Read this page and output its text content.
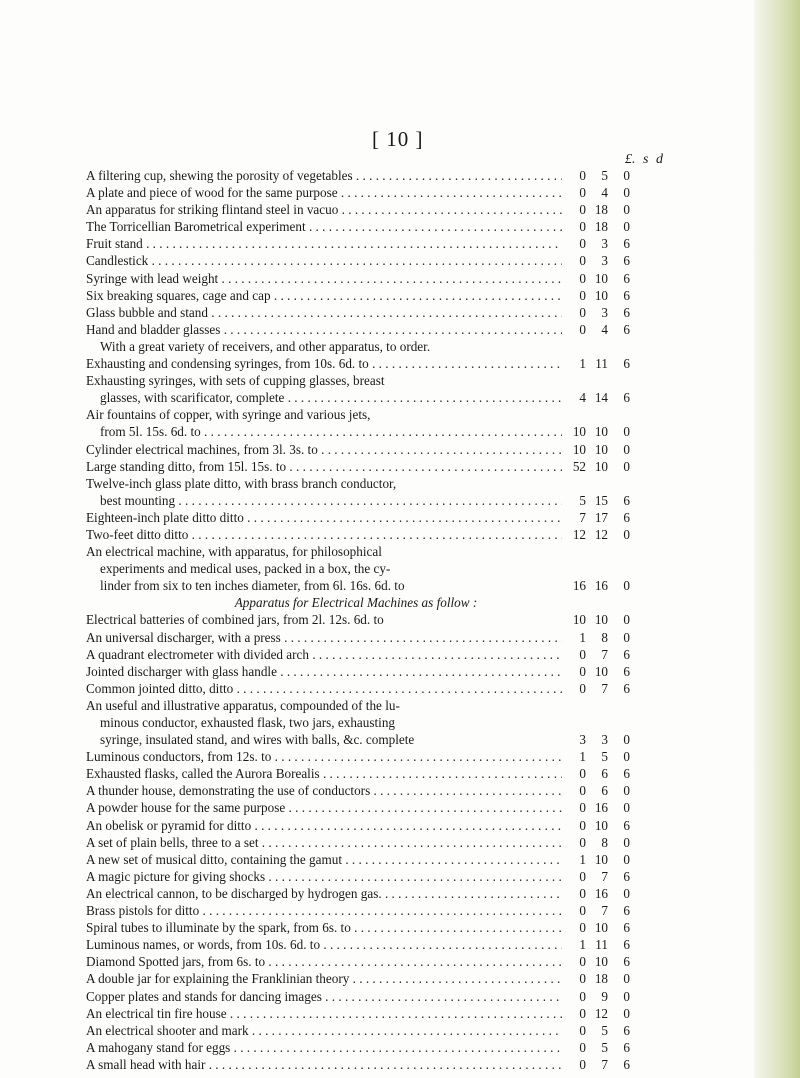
[ 10 ]
£. s d
A filtering cup, shewing the porosity of vegetables . . .	0	5	0
A plate and piece of wood for the same purpose . . .	0	4	0
An apparatus for striking flintand steel in vacuo . . .	0 18	0
The Torricellian Barometrical experiment . . .	0 18	0
Fruit stand . . .	0	3	6
Candlestick . . .	0	3	6
Syringe with lead weight . . .	0 10	6
Six breaking squares, cage and cap . . .	0 10	6
Glass bubble and stand . . .	0	3	6
Hand and bladder glasses . . .	0	4	6
With a great variety of receivers, and other apparatus, to order.
Exhausting and condensing syringes, from 10s. 6d. to . . .	1 11	6
Exhausting syringes, with sets of cupping glasses, breast
glasses, with scarificator, complete . . .	4 14	6
Air fountains of copper, with syringe and various jets,
from 5l. 15s. 6d. to . . .	10 10	0
Cylinder electrical machines, from 3l. 3s. to . . .	10 10	0
Large standing ditto, from 15l. 15s. to . . .	52 10	0
Twelve-inch glass plate ditto, with brass branch conductor,
best mounting . . .	5 15	6
Eighteen-inch plate ditto ditto . . .	7 17	6
Two-feet ditto ditto . . .	12 12	0
An electrical machine, with apparatus, for philosophical
experiments and medical uses, packed in a box, the cy-
linder from six to ten inches diameter, from 6l. 16s. 6d. to	16 16	0
Apparatus for Electrical Machines as follow :
Electrical batteries of combined jars, from 2l. 12s. 6d. to	10 10	0
An universal discharger, with a press . . .	1	8	0
A quadrant electrometer with divided arch . . .	0	7	6
Jointed discharger with glass handle . . .	0 10	6
Common jointed ditto, ditto . . .	0	7	6
An useful and illustrative apparatus, compounded of the lu-
minous conductor, exhausted flask, two jars, exhausting
syringe, insulated stand, and wires with balls, &c. complete	3	3	0
Luminous conductors, from 12s. to . . .	1	5	0
Exhausted flasks, called the Aurora Borealis . . .	0	6	6
A thunder house, demonstrating the use of conductors . . .	0	6	0
A powder house for the same purpose . . .	0 16	0
An obelisk or pyramid for ditto . . .	0 10	6
A set of plain bells, three to a set . . .	0	8	0
A new set of musical ditto, containing the gamut . . .	1 10	0
A magic picture for giving shocks . . .	0	7	6
An electrical cannon, to be discharged by hydrogen gas. . . .	0 16	0
Brass pistols for ditto . . .	0	7	6
Spiral tubes to illuminate by the spark, from 6s. to . . .	0 10	6
Luminous names, or words, from 10s. 6d. to . . .	1 11	6
Diamond Spotted jars, from 6s. to . . .	0 10	6
A double jar for explaining the Franklinian theory . . .	0 18	0
Copper plates and stands for dancing images . . .	0	9	0
An electrical tin fire house . . .	0 12	0
An electrical shooter and mark . . .	0	5	6
A mahogany stand for eggs . . .	0	5	6
A small head with hair . . .	0	7	6
